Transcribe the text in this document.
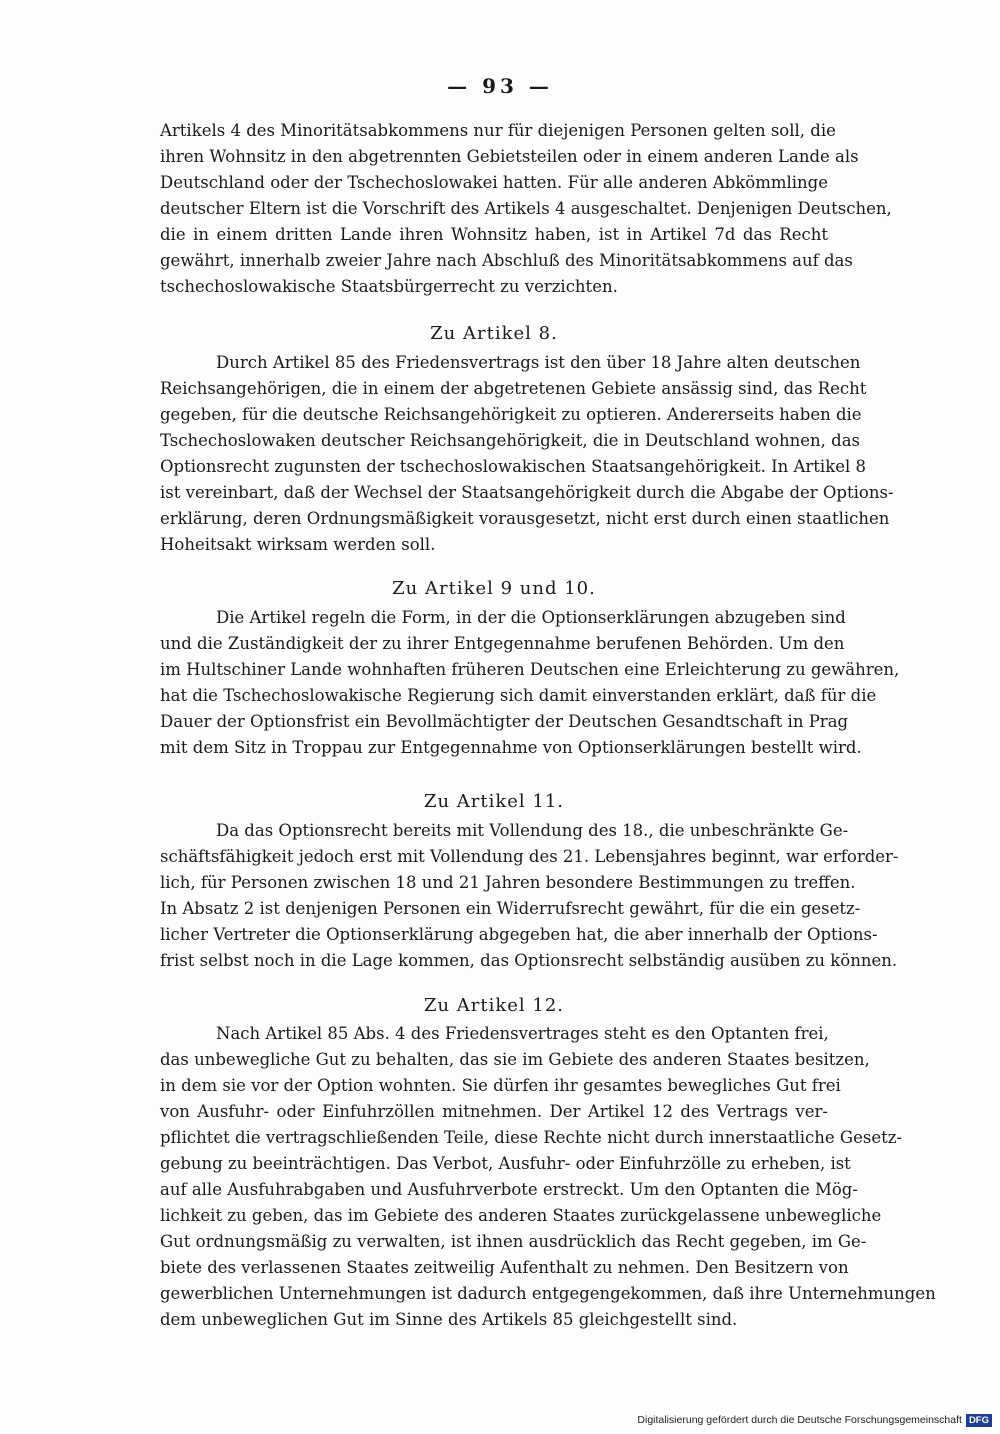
— 93 —
Artikels 4 des Minoritätsabkommens nur für diejenigen Personen gelten soll, die
ihren Wohnsitz in den abgetrennten Gebietsteilen oder in einem anderen Lande als
Deutschland oder der Tschechoslowakei hatten. Für alle anderen Abkömmlinge
deutscher Eltern ist die Vorschrift des Artikels 4 ausgeschaltet. Denjenigen Deutschen,
die in einem dritten Lande ihren Wohnsitz haben, ist in Artikel 7d das Recht
gewährt, innerhalb zweier Jahre nach Abschluß des Minoritätsabkommens auf das
tschechoslowakische Staatsbürgerrecht zu verzichten.
Zu Artikel 8.
Durch Artikel 85 des Friedensvertrags ist den über 18 Jahre alten deutschen
Reichsangehörigen, die in einem der abgetretenen Gebiete ansässig sind, das Recht
gegeben, für die deutsche Reichsangehörigkeit zu optieren. Andererseits haben die
Tschechoslowaken deutscher Reichsangehörigkeit, die in Deutschland wohnen, das
Optionsrecht zugunsten der tschechoslowakischen Staatsangehörigkeit. In Artikel 8
ist vereinbart, daß der Wechsel der Staatsangehörigkeit durch die Abgabe der Options-
erklärung, deren Ordnungsmäßigkeit vorausgesetzt, nicht erst durch einen staatlichen
Hoheitsakt wirksam werden soll.
Zu Artikel 9 und 10.
Die Artikel regeln die Form, in der die Optionserklärungen abzugeben sind
und die Zuständigkeit der zu ihrer Entgegennahme berufenen Behörden. Um den
im Hultschiner Lande wohnhaften früheren Deutschen eine Erleichterung zu gewähren,
hat die Tschechoslowakische Regierung sich damit einverstanden erklärt, daß für die
Dauer der Optionsfrist ein Bevollmächtigter der Deutschen Gesandtschaft in Prag
mit dem Sitz in Troppau zur Entgegennahme von Optionserklärungen bestellt wird.
Zu Artikel 11.
Da das Optionsrecht bereits mit Vollendung des 18., die unbeschränkte Ge-
schäftsfähigkeit jedoch erst mit Vollendung des 21. Lebensjahres beginnt, war erforder-
lich, für Personen zwischen 18 und 21 Jahren besondere Bestimmungen zu treffen.
In Absatz 2 ist denjenigen Personen ein Widerrufsrecht gewährt, für die ein gesetz-
licher Vertreter die Optionserklärung abgegeben hat, die aber innerhalb der Options-
frist selbst noch in die Lage kommen, das Optionsrecht selbständig ausüben zu können.
Zu Artikel 12.
Nach Artikel 85 Abs. 4 des Friedensvertrages steht es den Optanten frei,
das unbewegliche Gut zu behalten, das sie im Gebiete des anderen Staates besitzen,
in dem sie vor der Option wohnten. Sie dürfen ihr gesamtes bewegliches Gut frei
von Ausfuhr- oder Einfuhrzöllen mitnehmen. Der Artikel 12 des Vertrags ver-
pflichtet die vertragschließenden Teile, diese Rechte nicht durch innerstaatliche Gesetz-
gebung zu beeinträchtigen. Das Verbot, Ausfuhr- oder Einfuhrzölle zu erheben, ist
auf alle Ausfuhrabgaben und Ausfuhrverbote erstreckt. Um den Optanten die Mög-
lichkeit zu geben, das im Gebiete des anderen Staates zurückgelassene unbewegliche
Gut ordnungsmäßig zu verwalten, ist ihnen ausdrücklich das Recht gegeben, im Ge-
biete des verlassenen Staates zeitweilig Aufenthalt zu nehmen. Den Besitzern von
gewerblichen Unternehmungen ist dadurch entgegengekommen, daß ihre Unternehmungen
dem unbeweglichen Gut im Sinne des Artikels 85 gleichgestellt sind.
Digitalisierung gefördert durch die Deutsche Forschungsgemeinschaft DFG
